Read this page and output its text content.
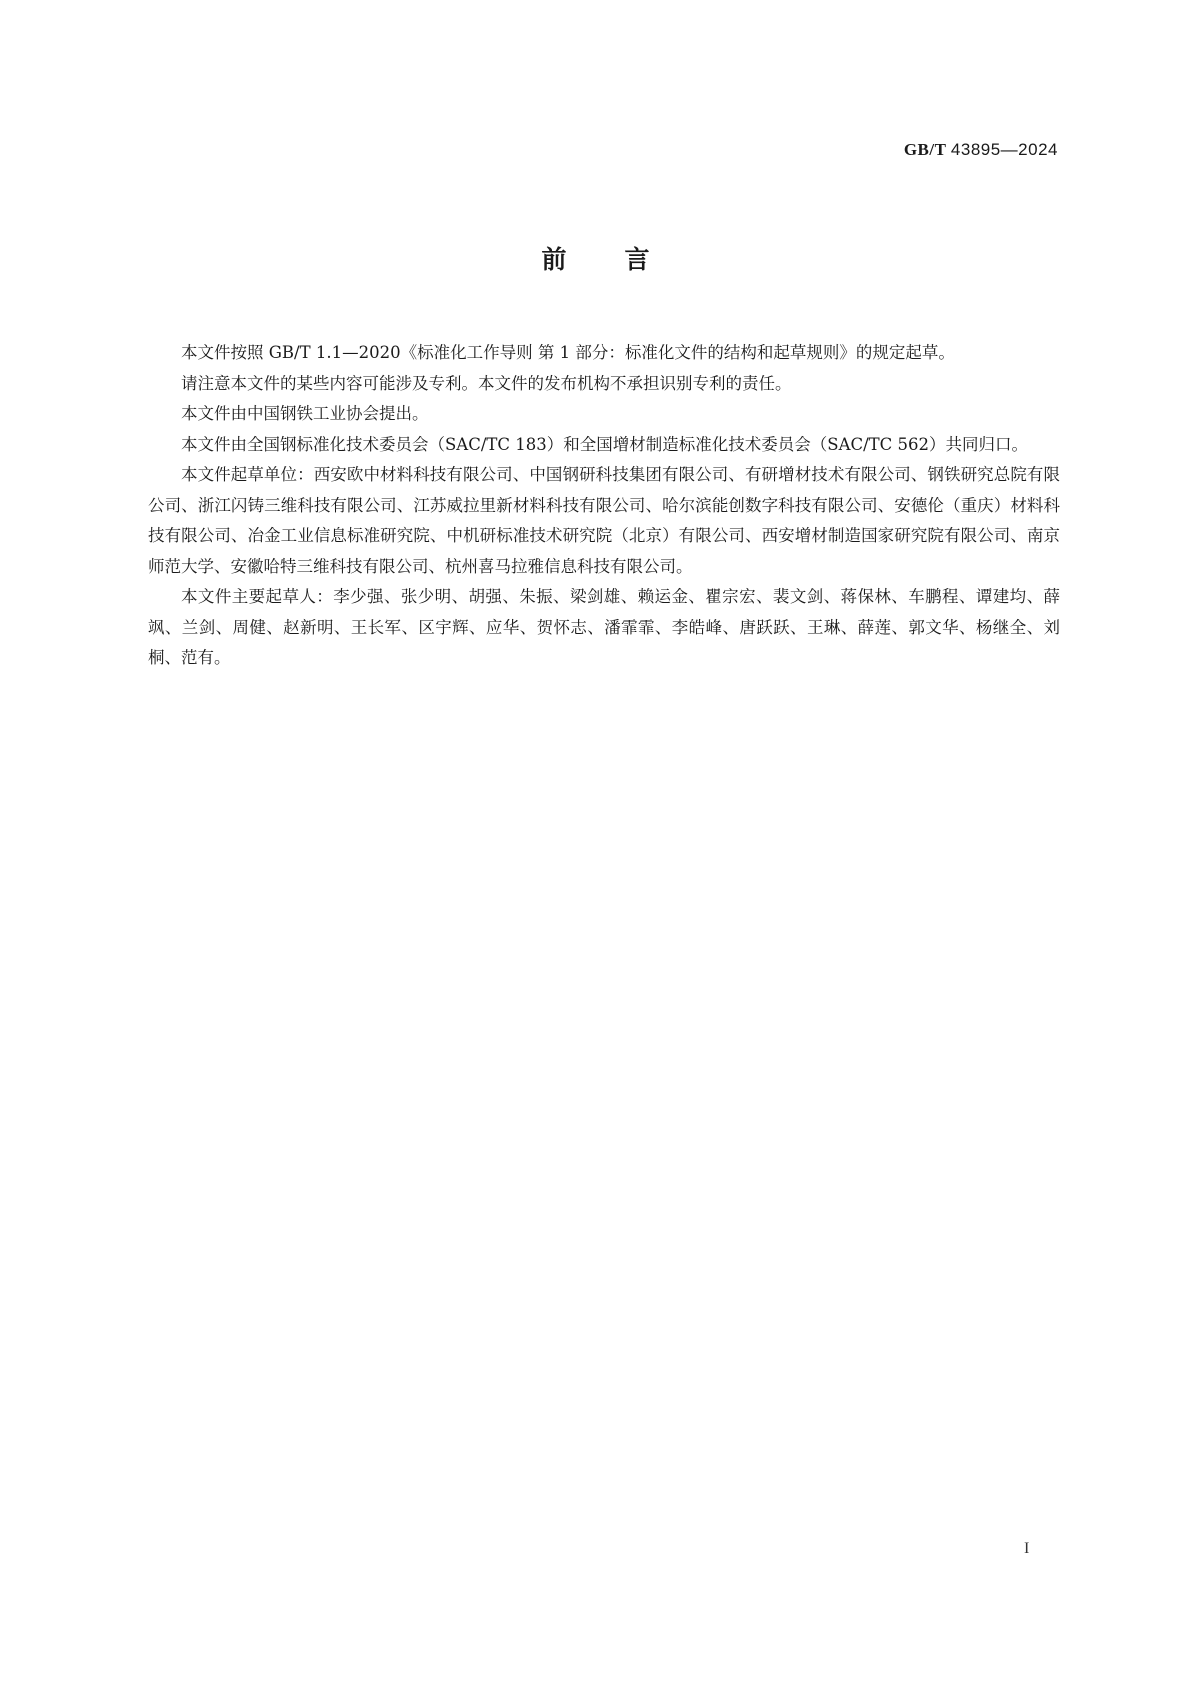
GB/T 43895—2024
前言

本文件按照 GB/T 1.1—2020《标准化工作导则 第 1 部分：标准化文件的结构和起草规则》的规定起草。

请注意本文件的某些内容可能涉及专利。本文件的发布机构不承担识别专利的责任。

本文件由中国钢铁工业协会提出。

本文件由全国钢标准化技术委员会（SAC/TC 183）和全国增材制造标准化技术委员会（SAC/TC 562）共同归口。

本文件起草单位：西安欧中材料科技有限公司、中国钢研科技集团有限公司、有研增材技术有限公司、钢铁研究总院有限公司、浙江闪铸三维科技有限公司、江苏威拉里新材料科技有限公司、哈尔滨能创数字科技有限公司、安德伦（重庆）材料科技有限公司、冶金工业信息标准研究院、中机研标准技术研究院（北京）有限公司、西安增材制造国家研究院有限公司、南京师范大学、安徽哈特三维科技有限公司、杭州喜马拉雅信息科技有限公司。

本文件主要起草人：李少强、张少明、胡强、朱振、梁剑雄、赖运金、瞿宗宏、裴文剑、蒋保林、车鹏程、谭建均、薛飒、兰剑、周健、赵新明、王长军、区宇辉、应华、贺怀志、潘霏霏、李皓峰、唐跃跃、王琳、薛莲、郭文华、杨继全、刘桐、范有。

I
